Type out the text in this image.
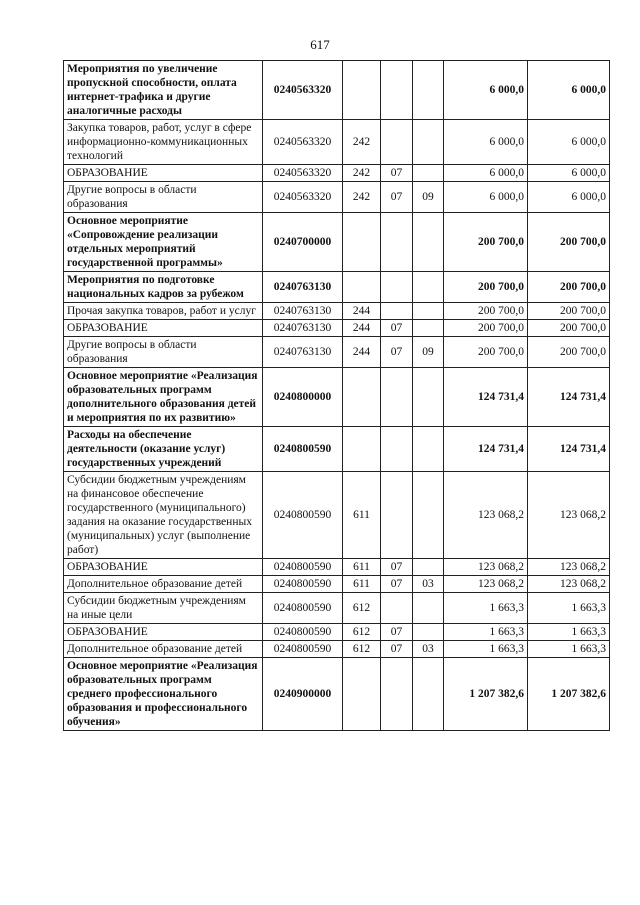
617
Мероприятия по увеличение пропускной способности, оплата интернет-трафика и другие аналогичные расходы	0240563320				6 000,0	6 000,0
Закупка товаров, работ, услуг в сфере информационно-коммуникационных технологий	0240563320	242			6 000,0	6 000,0
ОБРАЗОВАНИЕ	0240563320	242	07		6 000,0	6 000,0
Другие вопросы в области образования	0240563320	242	07	09	6 000,0	6 000,0
Основное мероприятие «Сопровождение реализации отдельных мероприятий государственной программы»	0240700000				200 700,0	200 700,0
Мероприятия по подготовке национальных кадров за рубежом	0240763130				200 700,0	200 700,0
Прочая закупка товаров, работ и услуг	0240763130	244			200 700,0	200 700,0
ОБРАЗОВАНИЕ	0240763130	244	07		200 700,0	200 700,0
Другие вопросы в области образования	0240763130	244	07	09	200 700,0	200 700,0
Основное мероприятие «Реализация образовательных программ дополнительного образования детей и мероприятия по их развитию»	0240800000				124 731,4	124 731,4
Расходы на обеспечение деятельности (оказание услуг) государственных учреждений	0240800590				124 731,4	124 731,4
Субсидии бюджетным учреждениям на финансовое обеспечение государственного (муниципального) задания на оказание государственных (муниципальных) услуг (выполнение работ)	0240800590	611			123 068,2	123 068,2
ОБРАЗОВАНИЕ	0240800590	611	07		123 068,2	123 068,2
Дополнительное образование детей	0240800590	611	07	03	123 068,2	123 068,2
Субсидии бюджетным учреждениям на иные цели	0240800590	612			1 663,3	1 663,3
ОБРАЗОВАНИЕ	0240800590	612	07		1 663,3	1 663,3
Дополнительное образование детей	0240800590	612	07	03	1 663,3	1 663,3
Основное мероприятие «Реализация образовательных программ среднего профессионального образования и профессионального обучения»	0240900000				1 207 382,6	1 207 382,6
